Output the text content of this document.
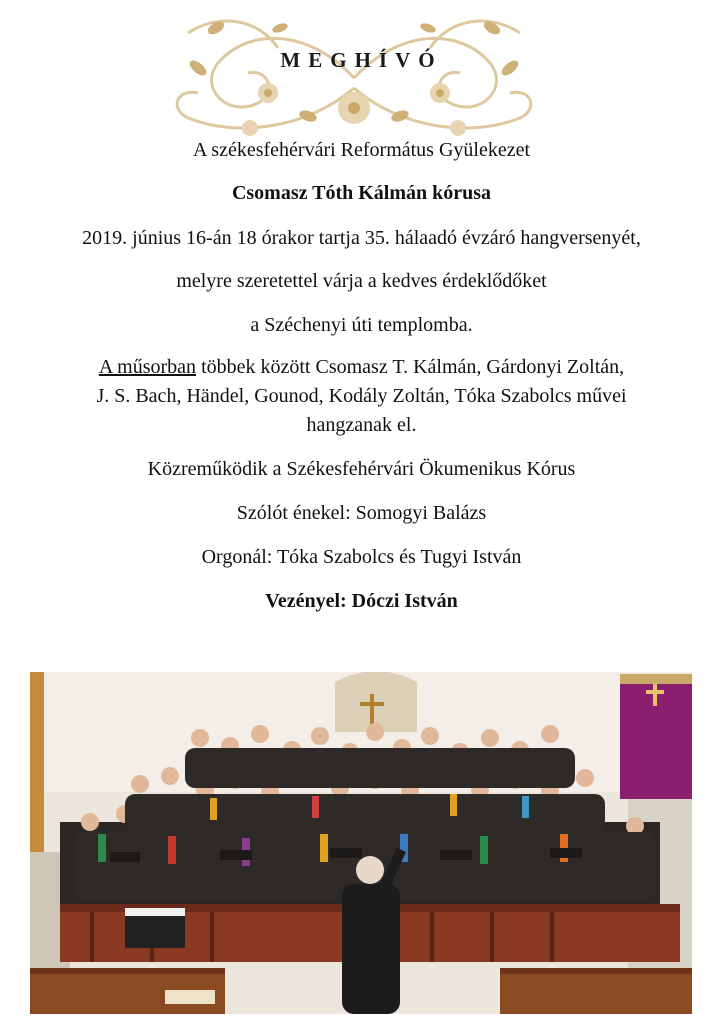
MEGHÍVÓ
A székesfehérvári Református Gyülekezet
Csomasz Tóth Kálmán kórusa
2019. június 16-án 18 órakor tartja 35. hálaadó évzáró hangversenyét,
melyre szeretettel várja a kedves érdeklődőket
a Széchenyi úti templomba.
A műsorban többek között Csomasz T. Kálmán, Gárdonyi Zoltán,
J. S. Bach, Händel, Gounod, Kodály Zoltán, Tóka Szabolcs művei
hangzanak el.
Közreműködik a Székesfehérvári Ökumenikus Kórus
Szólót énekel: Somogyi Balázs
Orgonál: Tóka Szabolcs és Tugyi István
Vezényel: Dóczi István
